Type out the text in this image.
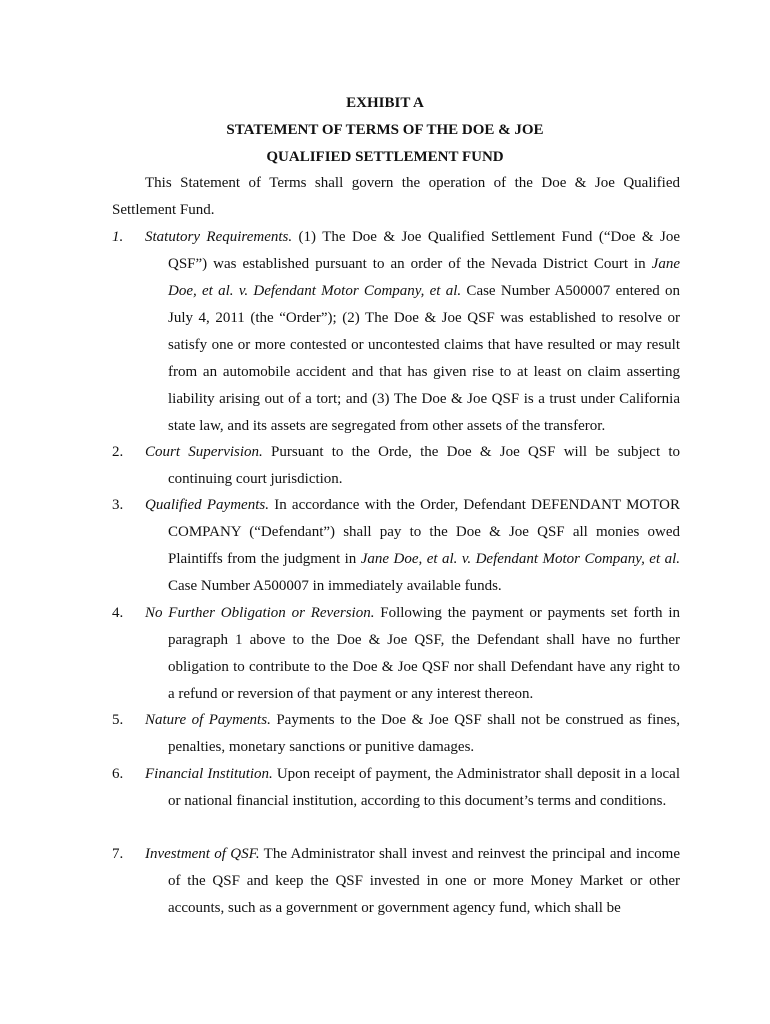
EXHIBIT A
STATEMENT OF TERMS OF THE DOE & JOE
QUALIFIED SETTLEMENT FUND
This Statement of Terms shall govern the operation of the Doe & Joe Qualified Settlement Fund.
1. Statutory Requirements. (1) The Doe & Joe Qualified Settlement Fund (“Doe & Joe QSF”) was established pursuant to an order of the Nevada District Court in Jane Doe, et al. v. Defendant Motor Company, et al. Case Number A500007 entered on July 4, 2011 (the “Order”); (2) The Doe & Joe QSF was established to resolve or satisfy one or more contested or uncontested claims that have resulted or may result from an automobile accident and that has given rise to at least on claim asserting liability arising out of a tort; and (3) The Doe & Joe QSF is a trust under California state law, and its assets are segregated from other assets of the transferor.
2. Court Supervision. Pursuant to the Orde, the Doe & Joe QSF will be subject to continuing court jurisdiction.
3. Qualified Payments. In accordance with the Order, Defendant DEFENDANT MOTOR COMPANY (“Defendant”) shall pay to the Doe & Joe QSF all monies owed Plaintiffs from the judgment in Jane Doe, et al. v. Defendant Motor Company, et al. Case Number A500007 in immediately available funds.
4. No Further Obligation or Reversion. Following the payment or payments set forth in paragraph 1 above to the Doe & Joe QSF, the Defendant shall have no further obligation to contribute to the Doe & Joe QSF nor shall Defendant have any right to a refund or reversion of that payment or any interest thereon.
5. Nature of Payments. Payments to the Doe & Joe QSF shall not be construed as fines, penalties, monetary sanctions or punitive damages.
6. Financial Institution. Upon receipt of payment, the Administrator shall deposit in a local or national financial institution, according to this document’s terms and conditions.
7. Investment of QSF. The Administrator shall invest and reinvest the principal and income of the QSF and keep the QSF invested in one or more Money Market or other accounts, such as a government or government agency fund, which shall be
